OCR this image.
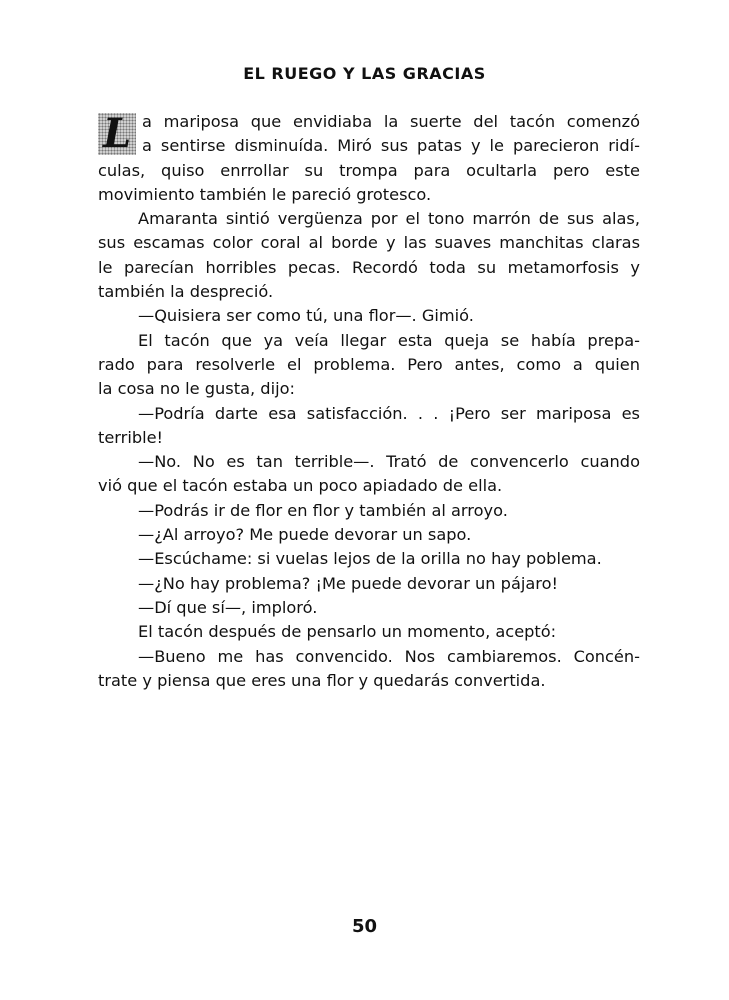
EL RUEGO Y LAS GRACIAS
L a mariposa que envidiaba la suerte del tacón comenzó
a sentirse disminuída. Miró sus patas y le parecieron ridí-
culas, quiso enrrollar su trompa para ocultarla pero este
movimiento también le pareció grotesco.
Amaranta sintió vergüenza por el tono marrón de sus alas,
sus escamas color coral al borde y las suaves manchitas claras
le parecían horribles pecas. Recordó toda su metamorfosis y
también la despreció.
—Quisiera ser como tú, una flor—. Gimió.
El tacón que ya veía llegar esta queja se había prepa-
rado para resolverle el problema. Pero antes, como a quien
la cosa no le gusta, dijo:
—Podría darte esa satisfacción. . . ¡Pero ser mariposa es
terrible!
—No. No es tan terrible—. Trató de convencerlo cuando
vió que el tacón estaba un poco apiadado de ella.
—Podrás ir de flor en flor y también al arroyo.
—¿Al arroyo? Me puede devorar un sapo.
—Escúchame: si vuelas lejos de la orilla no hay poblema.
—¿No hay problema? ¡Me puede devorar un pájaro!
—Dí que sí—, imploró.
El tacón después de pensarlo un momento, aceptó:
—Bueno me has convencido. Nos cambiaremos. Concén-
trate y piensa que eres una flor y quedarás convertida.
50
